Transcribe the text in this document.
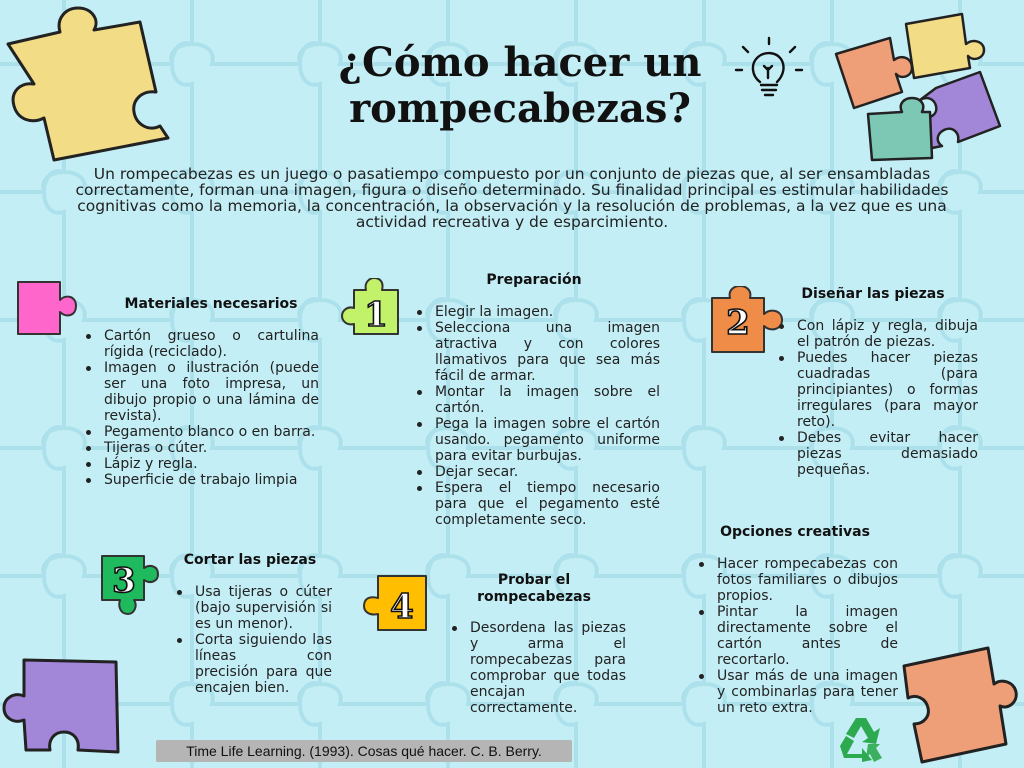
¿Cómo hacer un rompecabezas?

Un rompecabezas es un juego o pasatiempo compuesto por un conjunto de piezas que, al ser ensambladas correctamente, forman una imagen, figura o diseño determinado. Su finalidad principal es estimular habilidades cognitivas como la memoria, la concentración, la observación y la resolución de problemas, a la vez que es una actividad recreativa y de esparcimiento.

Materiales necesarios
Cartón grueso o cartulina rígida (reciclado).
Imagen o ilustración (puede ser una foto impresa, un dibujo propio o una lámina de revista).
Pegamento blanco o en barra.
Tijeras o cúter.
Lápiz y regla.
Superficie de trabajo limpia
1
Preparación
Elegir la imagen.
Selecciona una imagen atractiva y con colores llamativos para que sea más fácil de armar.
Montar la imagen sobre el cartón.
Pega la imagen sobre el cartón usando. pegamento uniforme para evitar burbujas.
Dejar secar.
Espera el tiempo necesario para que el pegamento esté completamente seco.
2
Diseñar las piezas
Con lápiz y regla, dibuja el patrón de piezas.
Puedes hacer piezas cuadradas (para principiantes) o formas irregulares (para mayor reto).
Debes evitar hacer piezas demasiado pequeñas.
3
Cortar las piezas
Usa tijeras o cúter (bajo supervisión si es un menor).
Corta siguiendo las líneas con precisión para que encajen bien.
4
Probar el rompecabezas
Desordena las piezas y arma el rompecabezas para comprobar que todas encajan correctamente.
Opciones creativas
Hacer rompecabezas con fotos familiares o dibujos propios.
Pintar la imagen directamente sobre el cartón antes de recortarlo.
Usar más de una imagen y combinarlas para tener un reto extra.
Time Life Learning. (1993). Cosas qué hacer. C. B. Berry.
